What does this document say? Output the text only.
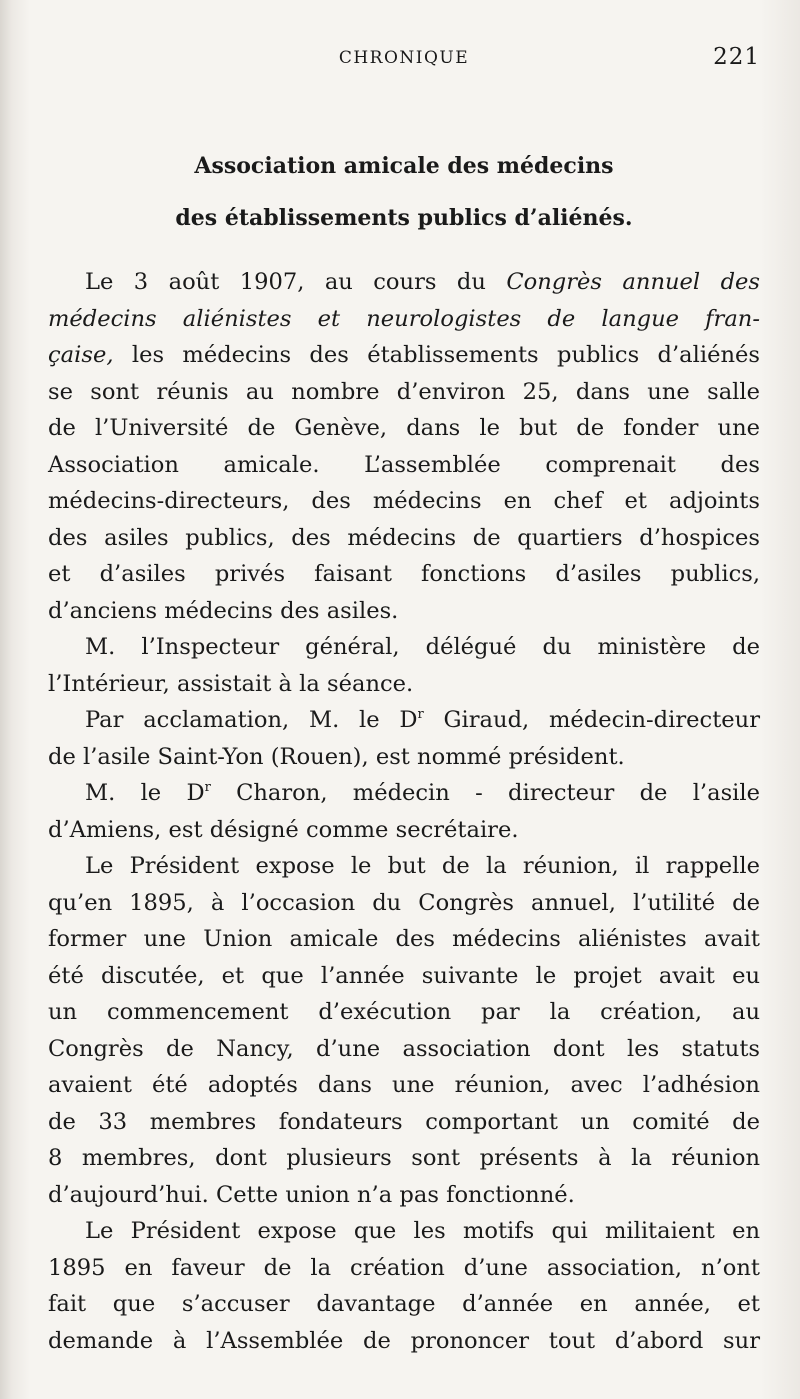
CHRONIQUE	221
Association amicale des médecins
des établissements publics d’aliénés.
Le 3 août 1907, au cours du Congrès annuel des
médecins aliénistes et neurologistes de langue fran-
çaise, les médecins des établissements publics d’aliénés
se sont réunis au nombre d’environ 25, dans une salle
de l’Université de Genève, dans le but de fonder une
Association amicale. L’assemblée comprenait des
médecins-directeurs, des médecins en chef et adjoints
des asiles publics, des médecins de quartiers d’hospices
et d’asiles privés faisant fonctions d’asiles publics,
d’anciens médecins des asiles.
M. l’Inspecteur général, délégué du ministère de
l’Intérieur, assistait à la séance.
Par acclamation, M. le $D^r$ Giraud, médecin-directeur
de l’asile Saint-Yon (Rouen), est nommé président.
M. le $D^r$ Charon, médecin - directeur de l’asile
d’Amiens, est désigné comme secrétaire.
Le Président expose le but de la réunion, il rappelle
qu’en 1895, à l’occasion du Congrès annuel, l’utilité de
former une Union amicale des médecins aliénistes avait
été discutée, et que l’année suivante le projet avait eu
un commencement d’exécution par la création, au
Congrès de Nancy, d’une association dont les statuts
avaient été adoptés dans une réunion, avec l’adhésion
de 33 membres fondateurs comportant un comité de
8 membres, dont plusieurs sont présents à la réunion
d’aujourd’hui. Cette union n’a pas fonctionné.
Le Président expose que les motifs qui militaient en
1895 en faveur de la création d’une association, n’ont
fait que s’accuser davantage d’année en année, et
demande à l’Assemblée de prononcer tout d’abord sur
